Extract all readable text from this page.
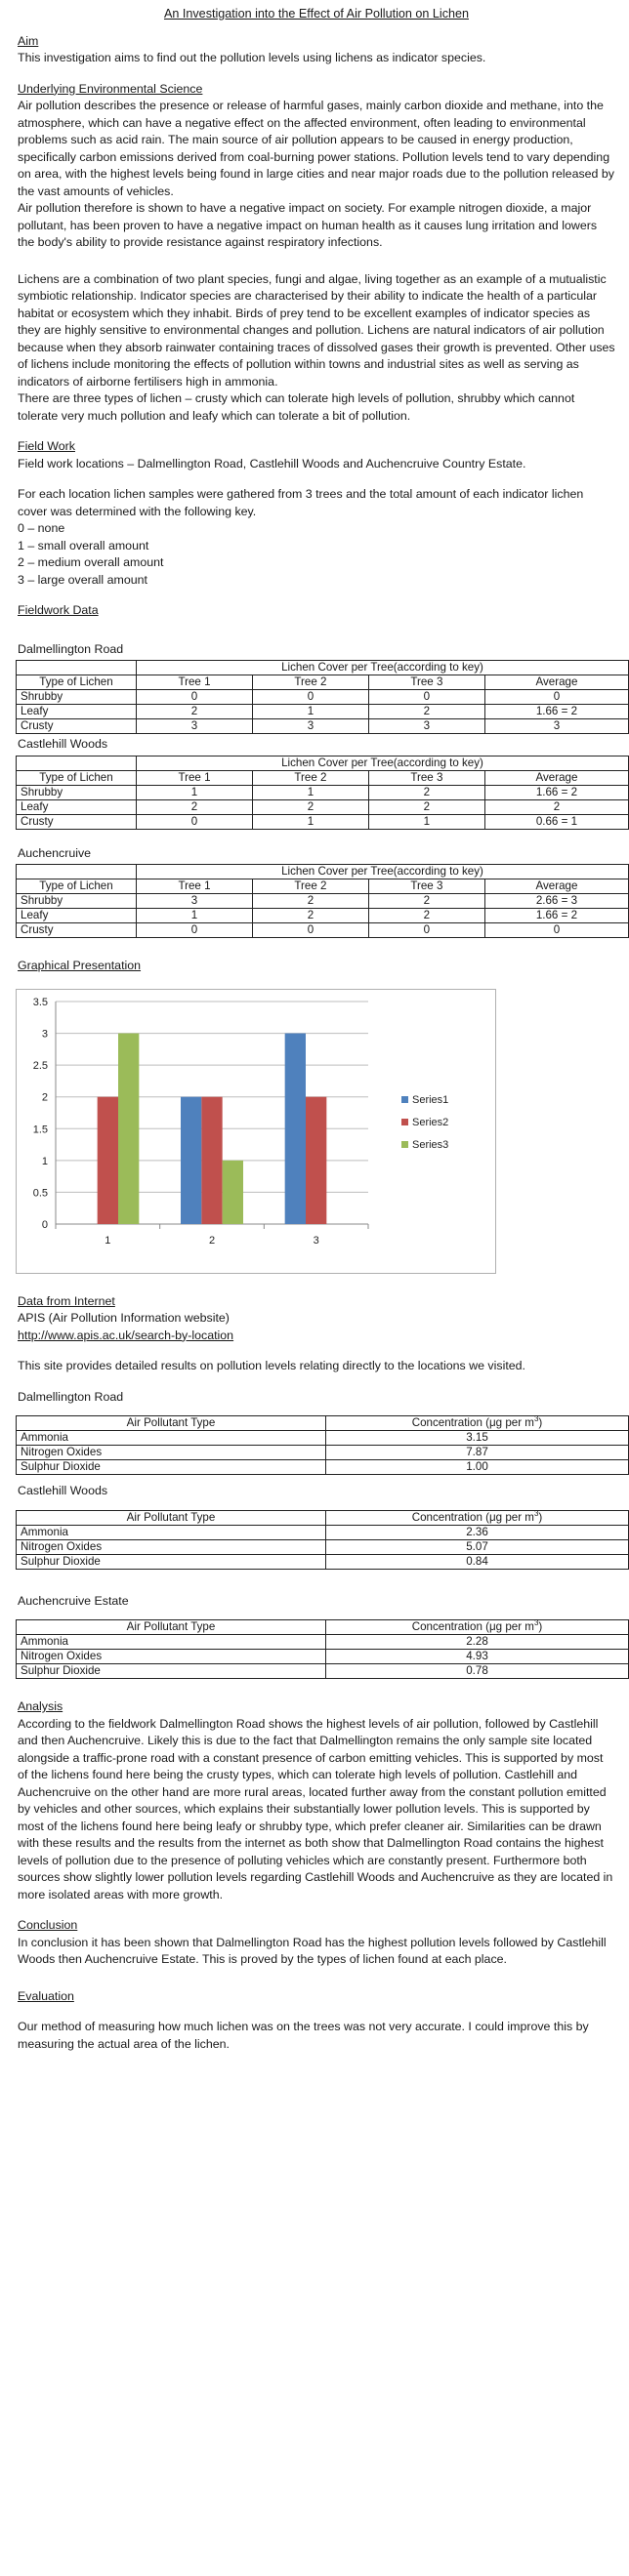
An Investigation into the Effect of Air Pollution on Lichen
Aim

This investigation aims to find out the pollution levels using lichens as indicator species.

Underlying Environmental Science

Air pollution describes the presence or release of harmful gases, mainly carbon dioxide and methane, into the atmosphere, which can have a negative effect on the affected environment, often leading to environmental problems such as acid rain. The main source of air pollution appears to be caused in energy production, specifically carbon emissions derived from coal-burning power stations. Pollution levels tend to vary depending on area, with the highest levels being found in large cities and near major roads due to the pollution released by the vast amounts of vehicles.

Air pollution therefore is shown to have a negative impact on society. For example nitrogen dioxide, a major pollutant, has been proven to have a negative impact on human health as it causes lung irritation and lowers the body's ability to provide resistance against respiratory infections.

Lichens are a combination of two plant species, fungi and algae, living together as an example of a mutualistic symbiotic relationship. Indicator species are characterised by their ability to indicate the health of a particular habitat or ecosystem which they inhabit. Birds of prey tend to be excellent examples of indicator species as they are highly sensitive to environmental changes and pollution. Lichens are natural indicators of air pollution because when they absorb rainwater containing traces of dissolved gases their growth is prevented. Other uses of lichens include monitoring the effects of pollution within towns and industrial sites as well as serving as indicators of airborne fertilisers high in ammonia.

There are three types of lichen – crusty which can tolerate high levels of pollution, shrubby which cannot tolerate very much pollution and leafy which can tolerate a bit of pollution.

Field Work

Field work locations – Dalmellington Road, Castlehill Woods and Auchencruive Country Estate.

For each location lichen samples were gathered from 3 trees and the total amount of each indicator lichen cover was determined with the following key.

0 – none

1 – small overall amount

2 – medium overall amount

3 – large overall amount

Fieldwork Data
Dalmellington Road
	Lichen Cover per Tree(according to key)			
Type of Lichen	Tree 1	Tree 2	Tree 3	Average
Shrubby	0	0	0	0
Leafy	2	1	2	1.66 = 2
Crusty	3	3	3	3
Castlehill Woods
	Lichen Cover per Tree(according to key)			
Type of Lichen	Tree 1	Tree 2	Tree 3	Average
Shrubby	1	1	2	1.66 = 2
Leafy	2	2	2	2
Crusty	0	1	1	0.66 = 1
Auchencruive
	Lichen Cover per Tree(according to key)			
Type of Lichen	Tree 1	Tree 2	Tree 3	Average
Shrubby	3	2	2	2.66 = 3
Leafy	1	2	2	1.66 = 2
Crusty	0	0	0	0
Graphical Presentation
0
0.5
1
1.5
2
2.5
3
3.5
1	2	3
Series1
Series2
Series3
Data from Internet

APIS (Air Pollution Information website)

http://www.apis.ac.uk/search-by-location

This site provides detailed results on pollution levels relating directly to the locations we visited.

Dalmellington Road
Air Pollutant Type	Concentration (μg per $m^3$)
Ammonia	3.15
Nitrogen Oxides	7.87
Sulphur Dioxide	1.00
Castlehill Woods
Air Pollutant Type	Concentration (μg per $m^3$)
Ammonia	2.36
Nitrogen Oxides	5.07
Sulphur Dioxide	0.84
Auchencruive Estate
Air Pollutant Type	Concentration (μg per $m^3$)
Ammonia	2.28
Nitrogen Oxides	4.93
Sulphur Dioxide	0.78
Analysis

According to the fieldwork Dalmellington Road shows the highest levels of air pollution, followed by Castlehill and then Auchencruive. Likely this is due to the fact that Dalmellington remains the only sample site located alongside a traffic-prone road with a constant presence of carbon emitting vehicles. This is supported by most of the lichens found here being the crusty types, which can tolerate high levels of pollution. Castlehill and Auchencruive on the other hand are more rural areas, located further away from the constant pollution emitted by vehicles and other sources, which explains their substantially lower pollution levels. This is supported by most of the lichens found here being leafy or shrubby type, which prefer cleaner air. Similarities can be drawn with these results and the results from the internet as both show that Dalmellington Road contains the highest levels of pollution due to the presence of polluting vehicles which are constantly present. Furthermore both sources show slightly lower pollution levels regarding Castlehill Woods and Auchencruive as they are located in more isolated areas with more growth.

Conclusion

In conclusion it has been shown that Dalmellington Road has the highest pollution levels followed by Castlehill Woods then Auchencruive Estate. This is proved by the types of lichen found at each place.

Evaluation

Our method of measuring how much lichen was on the trees was not very accurate. I could improve this by measuring the actual area of the lichen.
